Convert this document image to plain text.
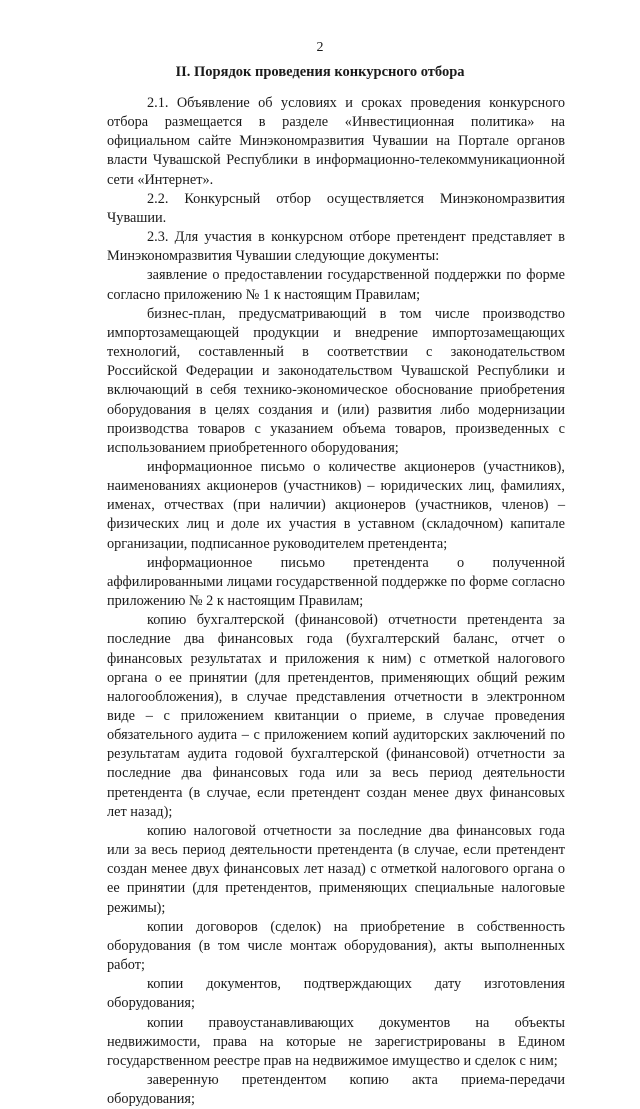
2
II. Порядок проведения конкурсного отбора

2.1. Объявление об условиях и сроках проведения конкурсного отбора размещается в разделе «Инвестиционная политика» на официальном сайте Минэкономразвития Чувашии на Портале органов власти Чувашской Республики в информационно-телекоммуникационной сети «Интернет».

2.2. Конкурсный отбор осуществляется Минэкономразвития Чувашии.

2.3. Для участия в конкурсном отборе претендент представляет в Минэкономразвития Чувашии следующие документы:

заявление о предоставлении государственной поддержки по форме согласно приложению № 1 к настоящим Правилам;

бизнес-план, предусматривающий в том числе производство импортозамещающей продукции и внедрение импортозамещающих технологий, составленный в соответствии с законодательством Российской Федерации и законодательством Чувашской Республики и включающий в себя технико-экономическое обоснование приобретения оборудования в целях создания и (или) развития либо модернизации производства товаров с указанием объема товаров, произведенных с использованием приобретенного оборудования;

информационное письмо о количестве акционеров (участников), наименованиях акционеров (участников) – юридических лиц, фамилиях, именах, отчествах (при наличии) акционеров (участников, членов) – физических лиц и доле их участия в уставном (складочном) капитале организации, подписанное руководителем претендента;

информационное письмо претендента о полученной аффилированными лицами государственной поддержке по форме согласно приложению № 2 к настоящим Правилам;

копию бухгалтерской (финансовой) отчетности претендента за последние два финансовых года (бухгалтерский баланс, отчет о финансовых результатах и приложения к ним) с отметкой налогового органа о ее принятии (для претендентов, применяющих общий режим налогообложения), в случае представления отчетности в электронном виде – с приложением квитанции о приеме, в случае проведения обязательного аудита – с приложением копий аудиторских заключений по результатам аудита годовой бухгалтерской (финансовой) отчетности за последние два финансовых года или за весь период деятельности претендента (в случае, если претендент создан менее двух финансовых лет назад);

копию налоговой отчетности за последние два финансовых года или за весь период деятельности претендента (в случае, если претендент создан менее двух финансовых лет назад) с отметкой налогового органа о ее принятии (для претендентов, применяющих специальные налоговые режимы);

копии договоров (сделок) на приобретение в собственность оборудования (в том числе монтаж оборудования), акты выполненных работ;

копии документов, подтверждающих дату изготовления оборудования;

копии правоустанавливающих документов на объекты недвижимости, права на которые не зарегистрированы в Едином государственном реестре прав на недвижимое имущество и сделок с ним;

заверенную претендентом копию акта приема-передачи оборудования;
